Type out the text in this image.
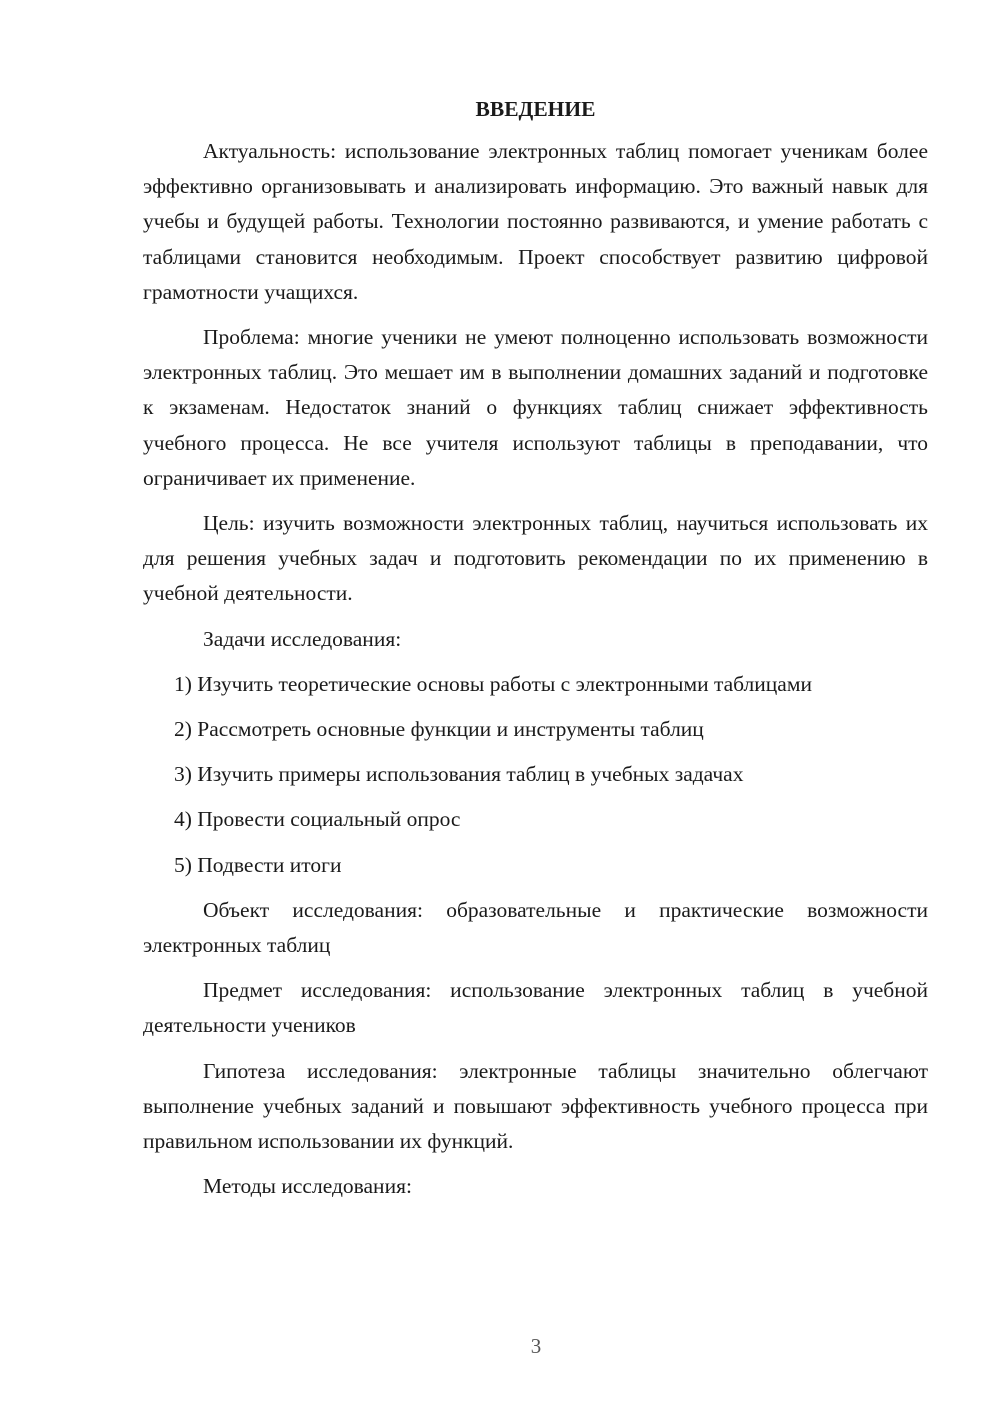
ВВЕДЕНИЕ

Актуальность: использование электронных таблиц помогает ученикам более эффективно организовывать и анализировать информацию. Это важный навык для учебы и будущей работы. Технологии постоянно развиваются, и умение работать с таблицами становится необходимым. Проект способствует развитию цифровой грамотности учащихся.

Проблема: многие ученики не умеют полноценно использовать возможности электронных таблиц. Это мешает им в выполнении домашних заданий и подготовке к экзаменам. Недостаток знаний о функциях таблиц снижает эффективность учебного процесса. Не все учителя используют таблицы в преподавании, что ограничивает их применение.

Цель: изучить возможности электронных таблиц, научиться использовать их для решения учебных задач и подготовить рекомендации по их применению в учебной деятельности.

Задачи исследования:

1) Изучить теоретические основы работы с электронными таблицами

2) Рассмотреть основные функции и инструменты таблиц

3) Изучить примеры использования таблиц в учебных задачах

4) Провести социальный опрос

5) Подвести итоги

Объект исследования: образовательные и практические возможности электронных таблиц

Предмет исследования: использование электронных таблиц в учебной деятельности учеников

Гипотеза исследования: электронные таблицы значительно облегчают выполнение учебных заданий и повышают эффективность учебного процесса при правильном использовании их функций.

Методы исследования:

3
